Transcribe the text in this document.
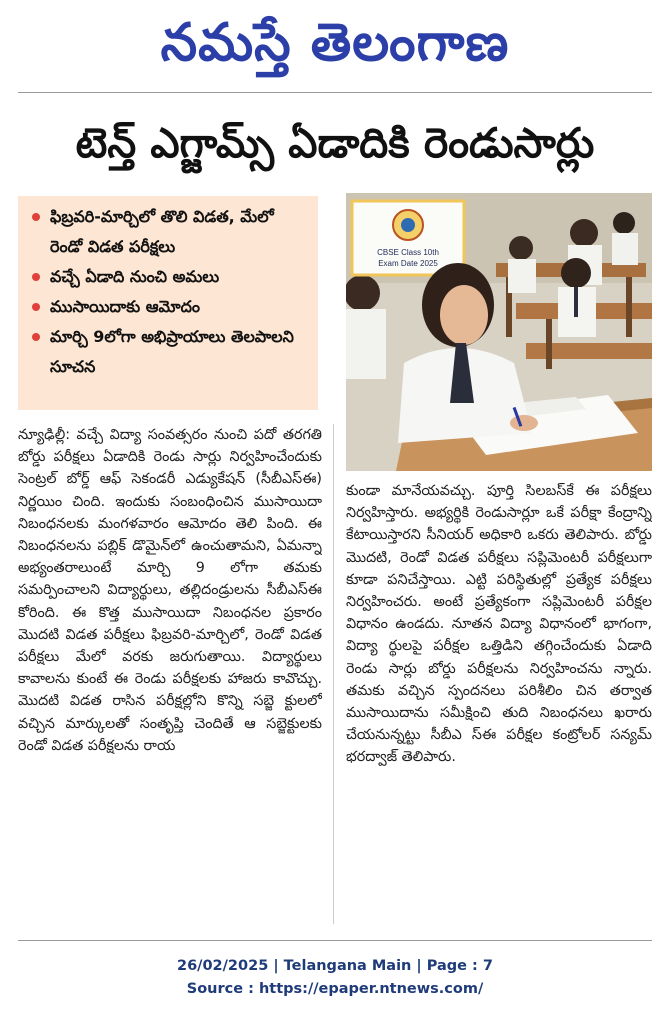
నమస్తే తెలంగాణ
టెన్త్ ఎగ్జామ్స్ ఏడాదికి రెండుసార్లు
ఫిబ్రవరి-మార్చిలో తొలి విడత, మేలో రెండో విడత పరీక్షలు
వచ్చే ఏడాది నుంచి అమలు
ముసాయిదాకు ఆమోదం
మార్చి 9లోగా అభిప్రాయాలు తెలపాలని సూచన
CBSE Class 10th
Exam Date 2025
న్యూఢిల్లీ: వచ్చే విద్యా సంవత్సరం నుంచి పదో తరగతి బోర్డు పరీక్షలు ఏడాదికి రెండు సార్లు నిర్వహించేందుకు సెంట్రల్ బోర్డ్ ఆఫ్ సెకండరీ ఎడ్యుకేషన్ (సీబీఎస్ఈ) నిర్ణయిం చింది. ఇందుకు సంబంధించిన ముసాయిదా నిబంధనలకు మంగళవారం ఆమోదం తెలి పింది. ఈ నిబంధనలను పబ్లిక్ డొమైన్‌లో ఉంచుతామని, ఏమన్నా అభ్యంతరాలుంటే మార్చి 9 లోగా తమకు సమర్పించాలని విద్యార్థులు, తల్లిదండ్రులను సీబీఎస్ఈ కోరింది. ఈ కొత్త ముసాయిదా నిబంధనల ప్రకారం మొదటి విడత పరీక్షలు ఫిబ్రవరి-మార్చిలో, రెండో విడత పరీక్షలు మేలో వరకు జరుగుతాయి. విద్యార్థులు కావాలను కుంటే ఈ రెండు పరీక్షలకు హాజరు కావొచ్చు. మొదటి విడత రాసిన పరీక్షల్లోని కొన్ని సబ్జె క్టులలో వచ్చిన మార్కులతో సంతృప్తి చెందితే ఆ సబ్జెక్టులకు రెండో విడత పరీక్షలను రాయ
కుండా మానేయవచ్చు. పూర్తి సిలబస్‌కే ఈ పరీక్షలు నిర్వహిస్తారు. అభ్యర్థికి రెండుసార్లూ ఒకే పరీక్షా కేంద్రాన్ని కేటాయిస్తారని సీనియర్ అధికారి ఒకరు తెలిపారు. బోర్డు మొదటి, రెండో విడత పరీక్షలు సప్లిమెంటరీ పరీక్షలుగా కూడా పనిచేస్తాయి. ఎట్టి పరిస్థితుల్లో ప్రత్యేక పరీక్షలు నిర్వహించరు. అంటే ప్రత్యేకంగా సప్లిమెంటరీ పరీక్షల విధానం ఉండదు. నూతన విద్యా విధానంలో భాగంగా, విద్యా ర్థులపై పరీక్షల ఒత్తిడిని తగ్గించేందుకు ఏడాది రెండు సార్లు బోర్డు పరీక్షలను నిర్వహించను న్నారు. తమకు వచ్చిన స్పందనలు పరిశీలిం చిన తర్వాత ముసాయిదాను సమీక్షించి తుది నిబంధనలు ఖరారు చేయనున్నట్టు సీబీఎ స్ఈ పరీక్షల కంట్రోలర్ సన్యమ్ భరద్వాజ్ తెలిపారు.
26/02/2025 | Telangana Main | Page : 7
Source : https://epaper.ntnews.com/
